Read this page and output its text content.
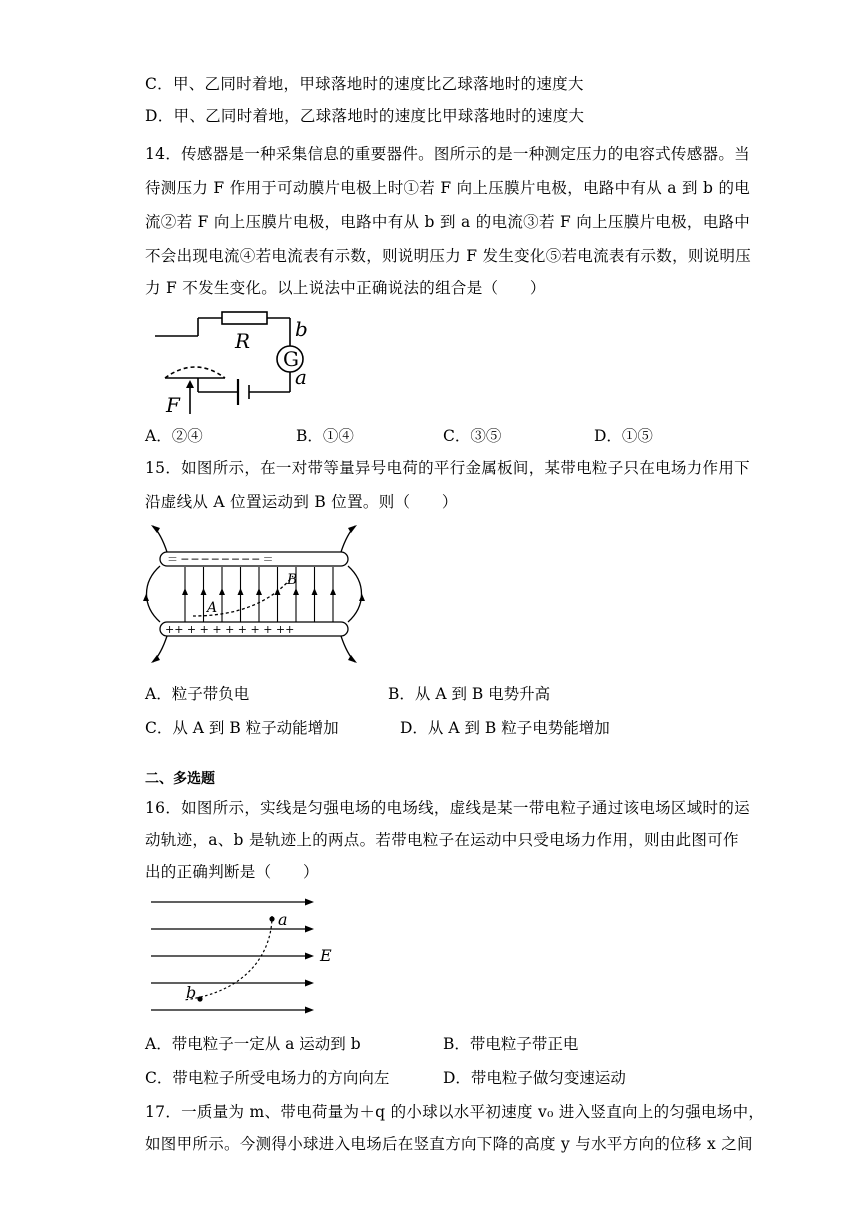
C．甲、乙同时着地，甲球落地时的速度比乙球落地时的速度大
D．甲、乙同时着地，乙球落地时的速度比甲球落地时的速度大
14．传感器是一种采集信息的重要器件。图所示的是一种测定压力的电容式传感器。当
待测压力 F 作用于可动膜片电极上时①若 F 向上压膜片电极，电路中有从 a 到 b 的电
流②若 F 向上压膜片电极，电路中有从 b 到 a 的电流③若 F 向上压膜片电极，电路中
不会出现电流④若电流表有示数，则说明压力 F 发生变化⑤若电流表有示数，则说明压
力 F 不发生变化。以上说法中正确说法的组合是（　　）
R
G
b
a
F
A．②④	B．①④	C．③⑤	D．①⑤
15．如图所示，在一对带等量异号电荷的平行金属板间，某带电粒子只在电场力作用下
沿虚线从 A 位置运动到 B 位置。则（　　）
＝ ─ ─ ─ ─ ─ ─ ─ ─ ＝
++ + + + + + + + ++
A
B
A．粒子带负电	B．从 A 到 B 电势升高
C．从 A 到 B 粒子动能增加	D．从 A 到 B 粒子电势能增加
二、多选题
16．如图所示，实线是匀强电场的电场线，虚线是某一带电粒子通过该电场区域时的运
动轨迹，a、b 是轨迹上的两点。若带电粒子在运动中只受电场力作用，则由此图可作
出的正确判断是（　　）
a
b
E
A．带电粒子一定从 a 运动到 b	B．带电粒子带正电
C．带电粒子所受电场力的方向向左	D．带电粒子做匀变速运动
17．一质量为 m、带电荷量为＋q 的小球以水平初速度 v₀ 进入竖直向上的匀强电场中，
如图甲所示。今测得小球进入电场后在竖直方向下降的高度 y 与水平方向的位移 x 之间
